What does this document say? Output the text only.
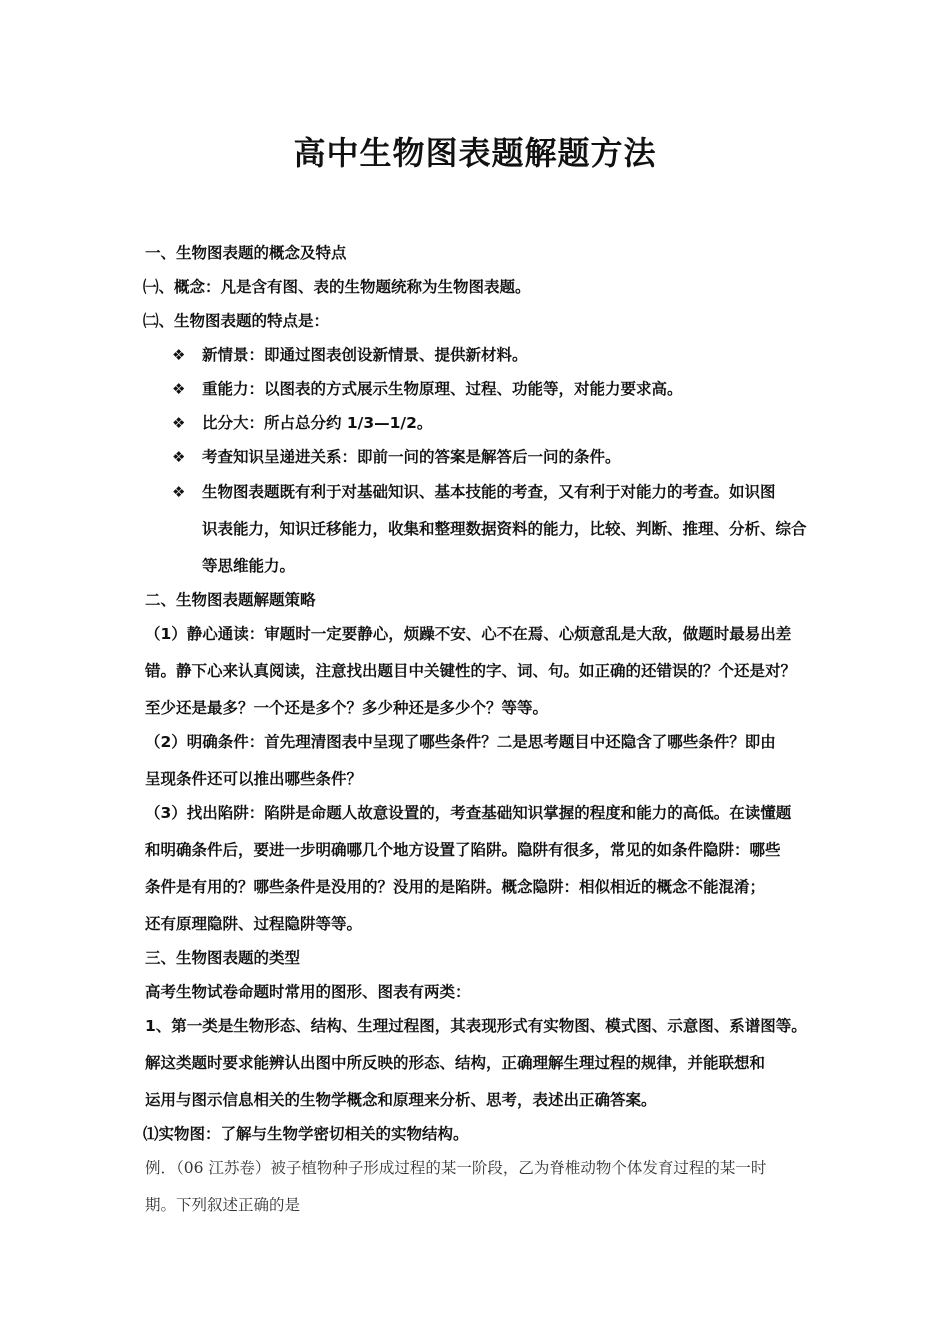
高中生物图表题解题方法
一、生物图表题的概念及特点
㈠、概念：凡是含有图、表的生物题统称为生物图表题。
㈡、生物图表题的特点是：
❖ 新情景：即通过图表创设新情景、提供新材料。
❖ 重能力：以图表的方式展示生物原理、过程、功能等，对能力要求高。
❖ 比分大：所占总分约 1/3—1/2。
❖ 考查知识呈递进关系：即前一问的答案是解答后一问的条件。
❖ 生物图表题既有利于对基础知识、基本技能的考查，又有利于对能力的考查。如识图
识表能力，知识迁移能力，收集和整理数据资料的能力，比较、判断、推理、分析、综合
等思维能力。
二、生物图表题解题策略
（1）静心通读：审题时一定要静心，烦躁不安、心不在焉、心烦意乱是大敌，做题时最易出差
错。静下心来认真阅读，注意找出题目中关键性的字、词、句。如正确的还错误的？个还是对？
至少还是最多？一个还是多个？多少种还是多少个？等等。
（2）明确条件：首先理清图表中呈现了哪些条件？二是思考题目中还隐含了哪些条件？即由
呈现条件还可以推出哪些条件？
（3）找出陷阱：陷阱是命题人故意设置的，考查基础知识掌握的程度和能力的高低。在读懂题
和明确条件后，要进一步明确哪几个地方设置了陷阱。隐阱有很多，常见的如条件隐阱：哪些
条件是有用的？哪些条件是没用的？没用的是陷阱。概念隐阱：相似相近的概念不能混淆；
还有原理隐阱、过程隐阱等等。
三、生物图表题的类型
高考生物试卷命题时常用的图形、图表有两类：
1、第一类是生物形态、结构、生理过程图，其表现形式有实物图、模式图、示意图、系谱图等。
解这类题时要求能辨认出图中所反映的形态、结构，正确理解生理过程的规律，并能联想和
运用与图示信息相关的生物学概念和原理来分析、思考，表述出正确答案。
⑴实物图：了解与生物学密切相关的实物结构。
例．（06 江苏卷）被子植物种子形成过程的某一阶段，乙为脊椎动物个体发育过程的某一时
期。下列叙述正确的是
